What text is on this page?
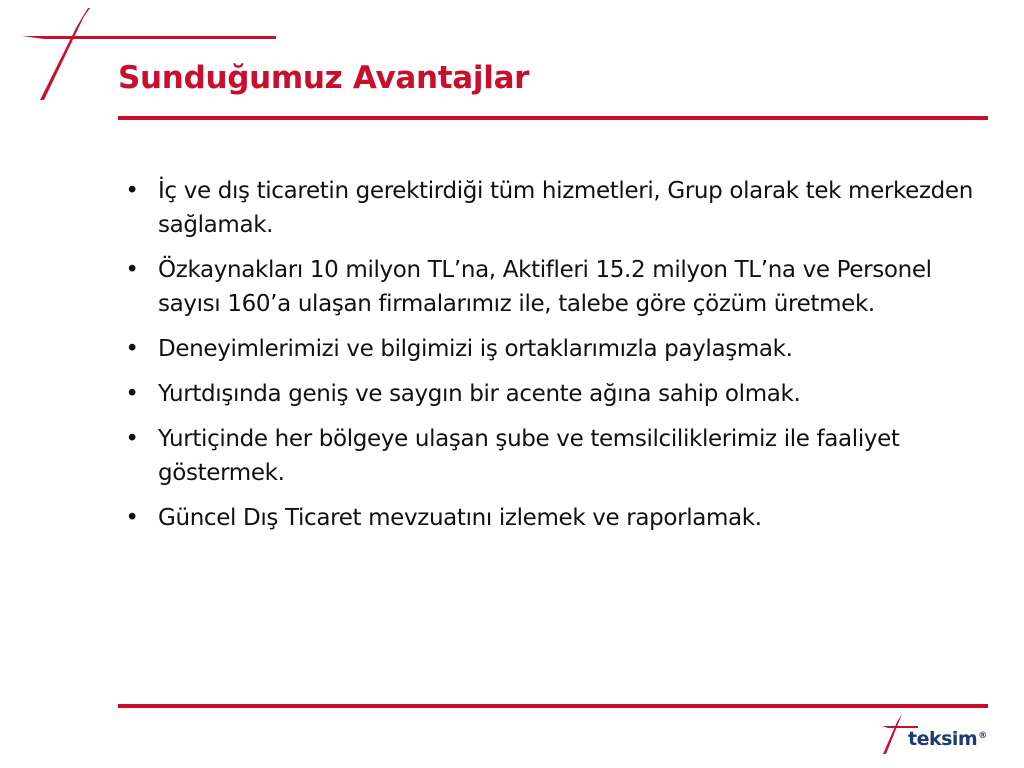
Sunduğumuz Avantajlar
• İç ve dış ticaretin gerektirdiği tüm hizmetleri, Grup olarak tek merkezden sağlamak.
• Özkaynakları 10 milyon TL’na, Aktifleri 15.2 milyon TL’na ve Personel sayısı 160’a ulaşan firmalarımız ile, talebe göre çözüm üretmek.
• Deneyimlerimizi ve bilgimizi iş ortaklarımızla paylaşmak.
• Yurtdışında geniş ve saygın bir acente ağına sahip olmak.
• Yurtiçinde her bölgeye ulaşan şube ve temsilciliklerimiz ile faaliyet göstermek.
• Güncel Dış Ticaret mevzuatını izlemek ve raporlamak.
teksim®
